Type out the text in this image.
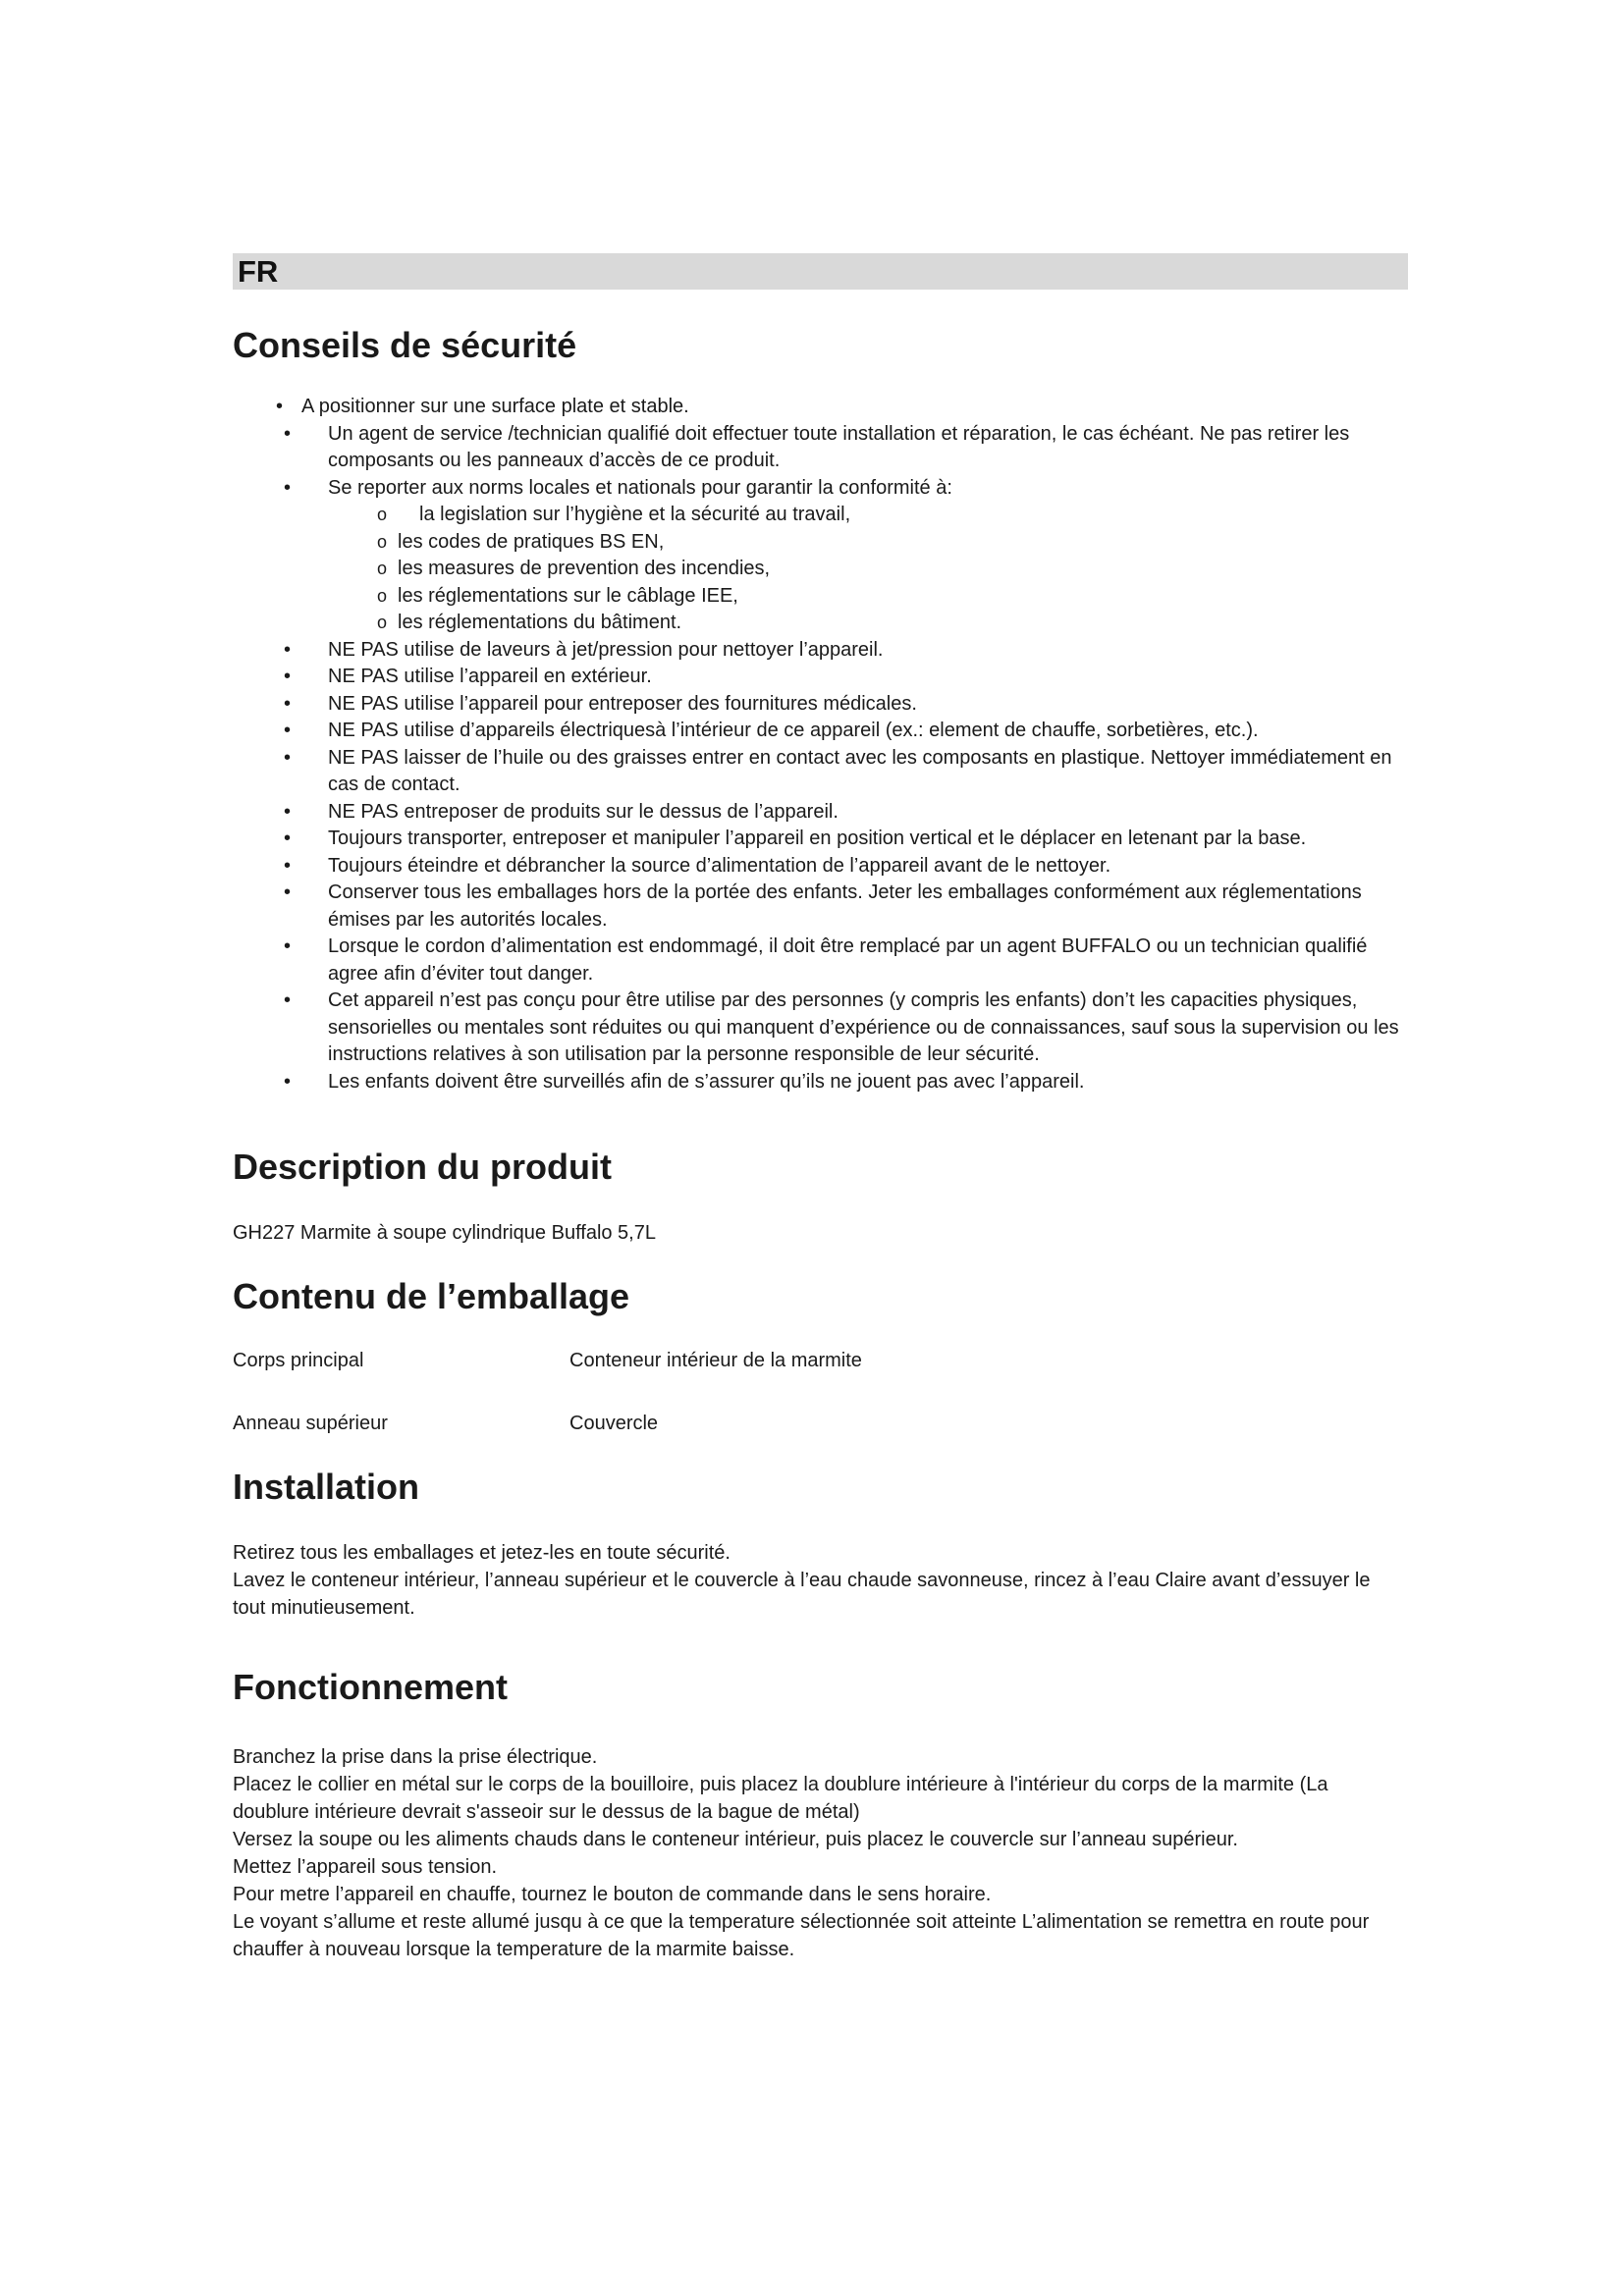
FR
Conseils de sécurité
• A positionner sur une surface plate et stable.
• Un agent de service /technician qualifié doit effectuer toute installation et réparation, le cas échéant. Ne pas retirer les composants ou les panneaux d’accès de ce produit.
• Se reporter aux norms locales et nationals pour garantir la conformité à:
o la legislation sur l’hygiène et la sécurité au travail,
o les codes de pratiques BS EN,
o les measures de prevention des incendies,
o les réglementations sur le câblage IEE,
o les réglementations du bâtiment.
• NE PAS utilise de laveurs à jet/pression pour nettoyer l’appareil.
• NE PAS utilise l’appareil en extérieur.
• NE PAS utilise l’appareil pour entreposer des fournitures médicales.
• NE PAS utilise d’appareils électriquesà l’intérieur de ce appareil (ex.: element de chauffe, sorbetières, etc.).
• NE PAS laisser de l’huile ou des graisses entrer en contact avec les composants en plastique. Nettoyer immédiatement en cas de contact.
• NE PAS entreposer de produits sur le dessus de l’appareil.
• Toujours transporter, entreposer et manipuler l’appareil en position vertical et le déplacer en letenant par la base.
• Toujours éteindre et débrancher la source d’alimentation de l’appareil avant de le nettoyer.
• Conserver tous les emballages hors de la portée des enfants. Jeter les emballages conformément aux réglementations émises par les autorités locales.
• Lorsque le cordon d’alimentation est endommagé, il doit être remplacé par un agent BUFFALO ou un technician qualifié agree afin d’éviter tout danger.
• Cet appareil n’est pas conçu pour être utilise par des personnes (y compris les enfants) don’t les capacities physiques, sensorielles ou mentales sont réduites ou qui manquent d’expérience ou de connaissances, sauf sous la supervision ou les instructions relatives à son utilisation par la personne responsible de leur sécurité.
• Les enfants doivent être surveillés afin de s’assurer qu’ils ne jouent pas avec l’appareil.
Description du produit

GH227 Marmite à soupe cylindrique Buffalo 5,7L

Contenu de l’emballage
Corps principal	Conteneur intérieur de la marmite
Anneau supérieur	Couvercle
Installation

Retirez tous les emballages et jetez-les en toute sécurité.

Lavez le conteneur intérieur, l’anneau supérieur et le couvercle à l’eau chaude savonneuse, rincez à l’eau Claire avant d’essuyer le tout minutieusement.

Fonctionnement

Branchez la prise dans la prise électrique.

Placez le collier en métal sur le corps de la bouilloire, puis placez la doublure intérieure à l'intérieur du corps de la marmite (La doublure intérieure devrait s'asseoir sur le dessus de la bague de métal)

Versez la soupe ou les aliments chauds dans le conteneur intérieur, puis placez le couvercle sur l’anneau supérieur.

Mettez l’appareil sous tension.

Pour metre l’appareil en chauffe, tournez le bouton de commande dans le sens horaire.

Le voyant s’allume et reste allumé jusqu à ce que la temperature sélectionnée soit atteinte L’alimentation se remettra en route pour chauffer à nouveau lorsque la temperature de la marmite baisse.
